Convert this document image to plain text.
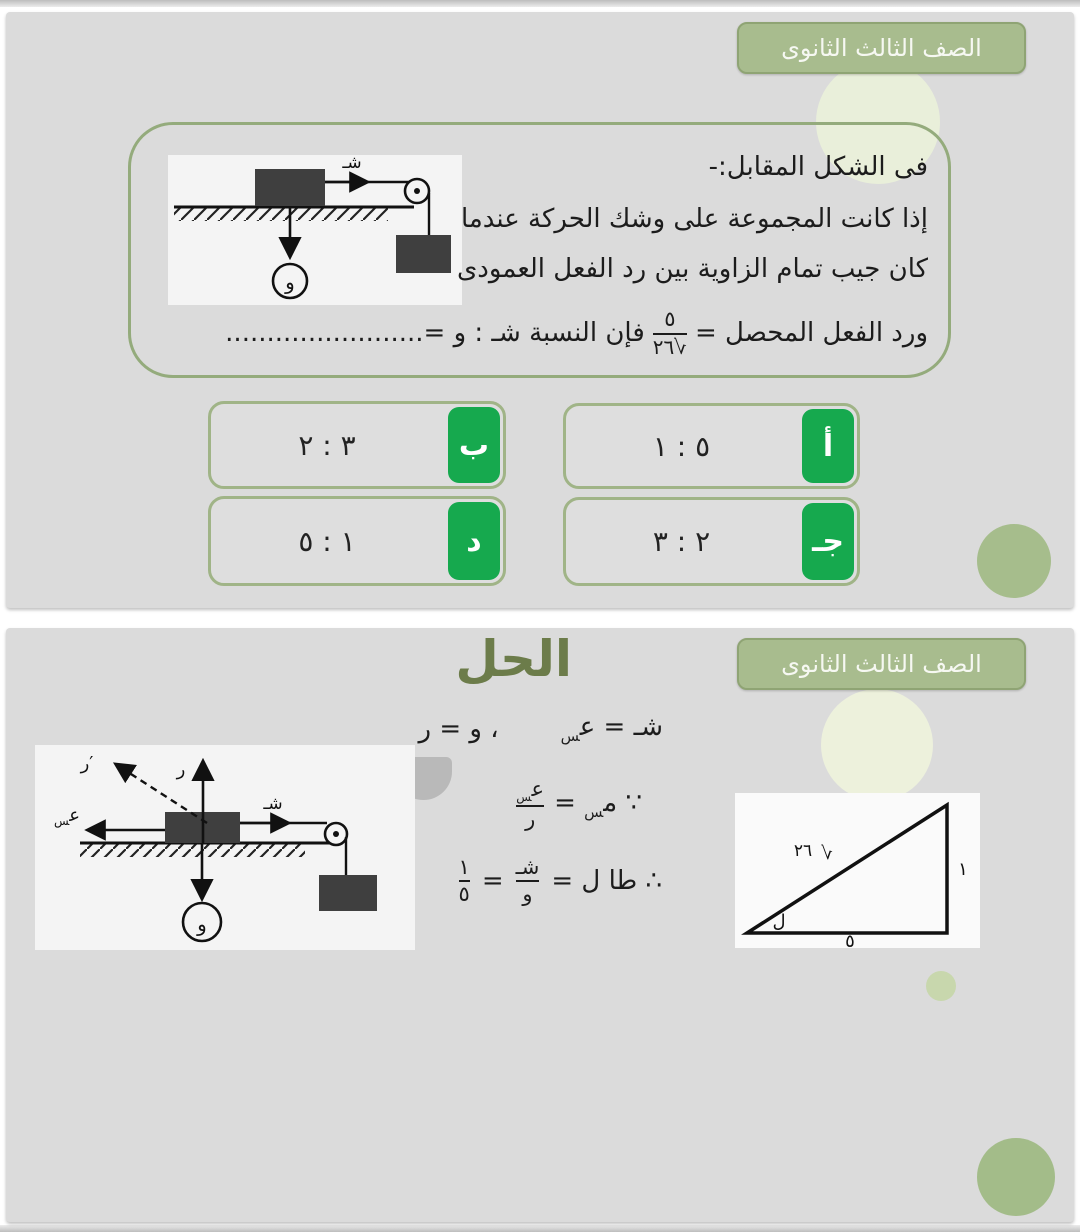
الصف الثالث الثانوى
شـ
و
فى الشكل المقابل:-
إذا كانت المجموعة على وشك الحركة عندما
كان جيب تمام الزاوية بين رد الفعل العمودى
ورد الفعل المحصل =
$\frac{٥}{٢٦ √}$
فإن النسبة شـ : و =........................
أ
٥ : ١
ب
٣ : ٢
جـ
٢ : ٣
د
١ : ٥
الصف الثالث الثانوى
الحل
شـ = ع$_س$
، و = ر
∵ م$_س$ =
$\frac{ع_س}{\text{ر}}$
∴ طا ل =
$\frac{\text{شـ}}{\text{و}}$
=
$\frac{١}{٥}$
ر
ر′
ع$_س$
شـ
و
٢٦ √
١
٥
ل
